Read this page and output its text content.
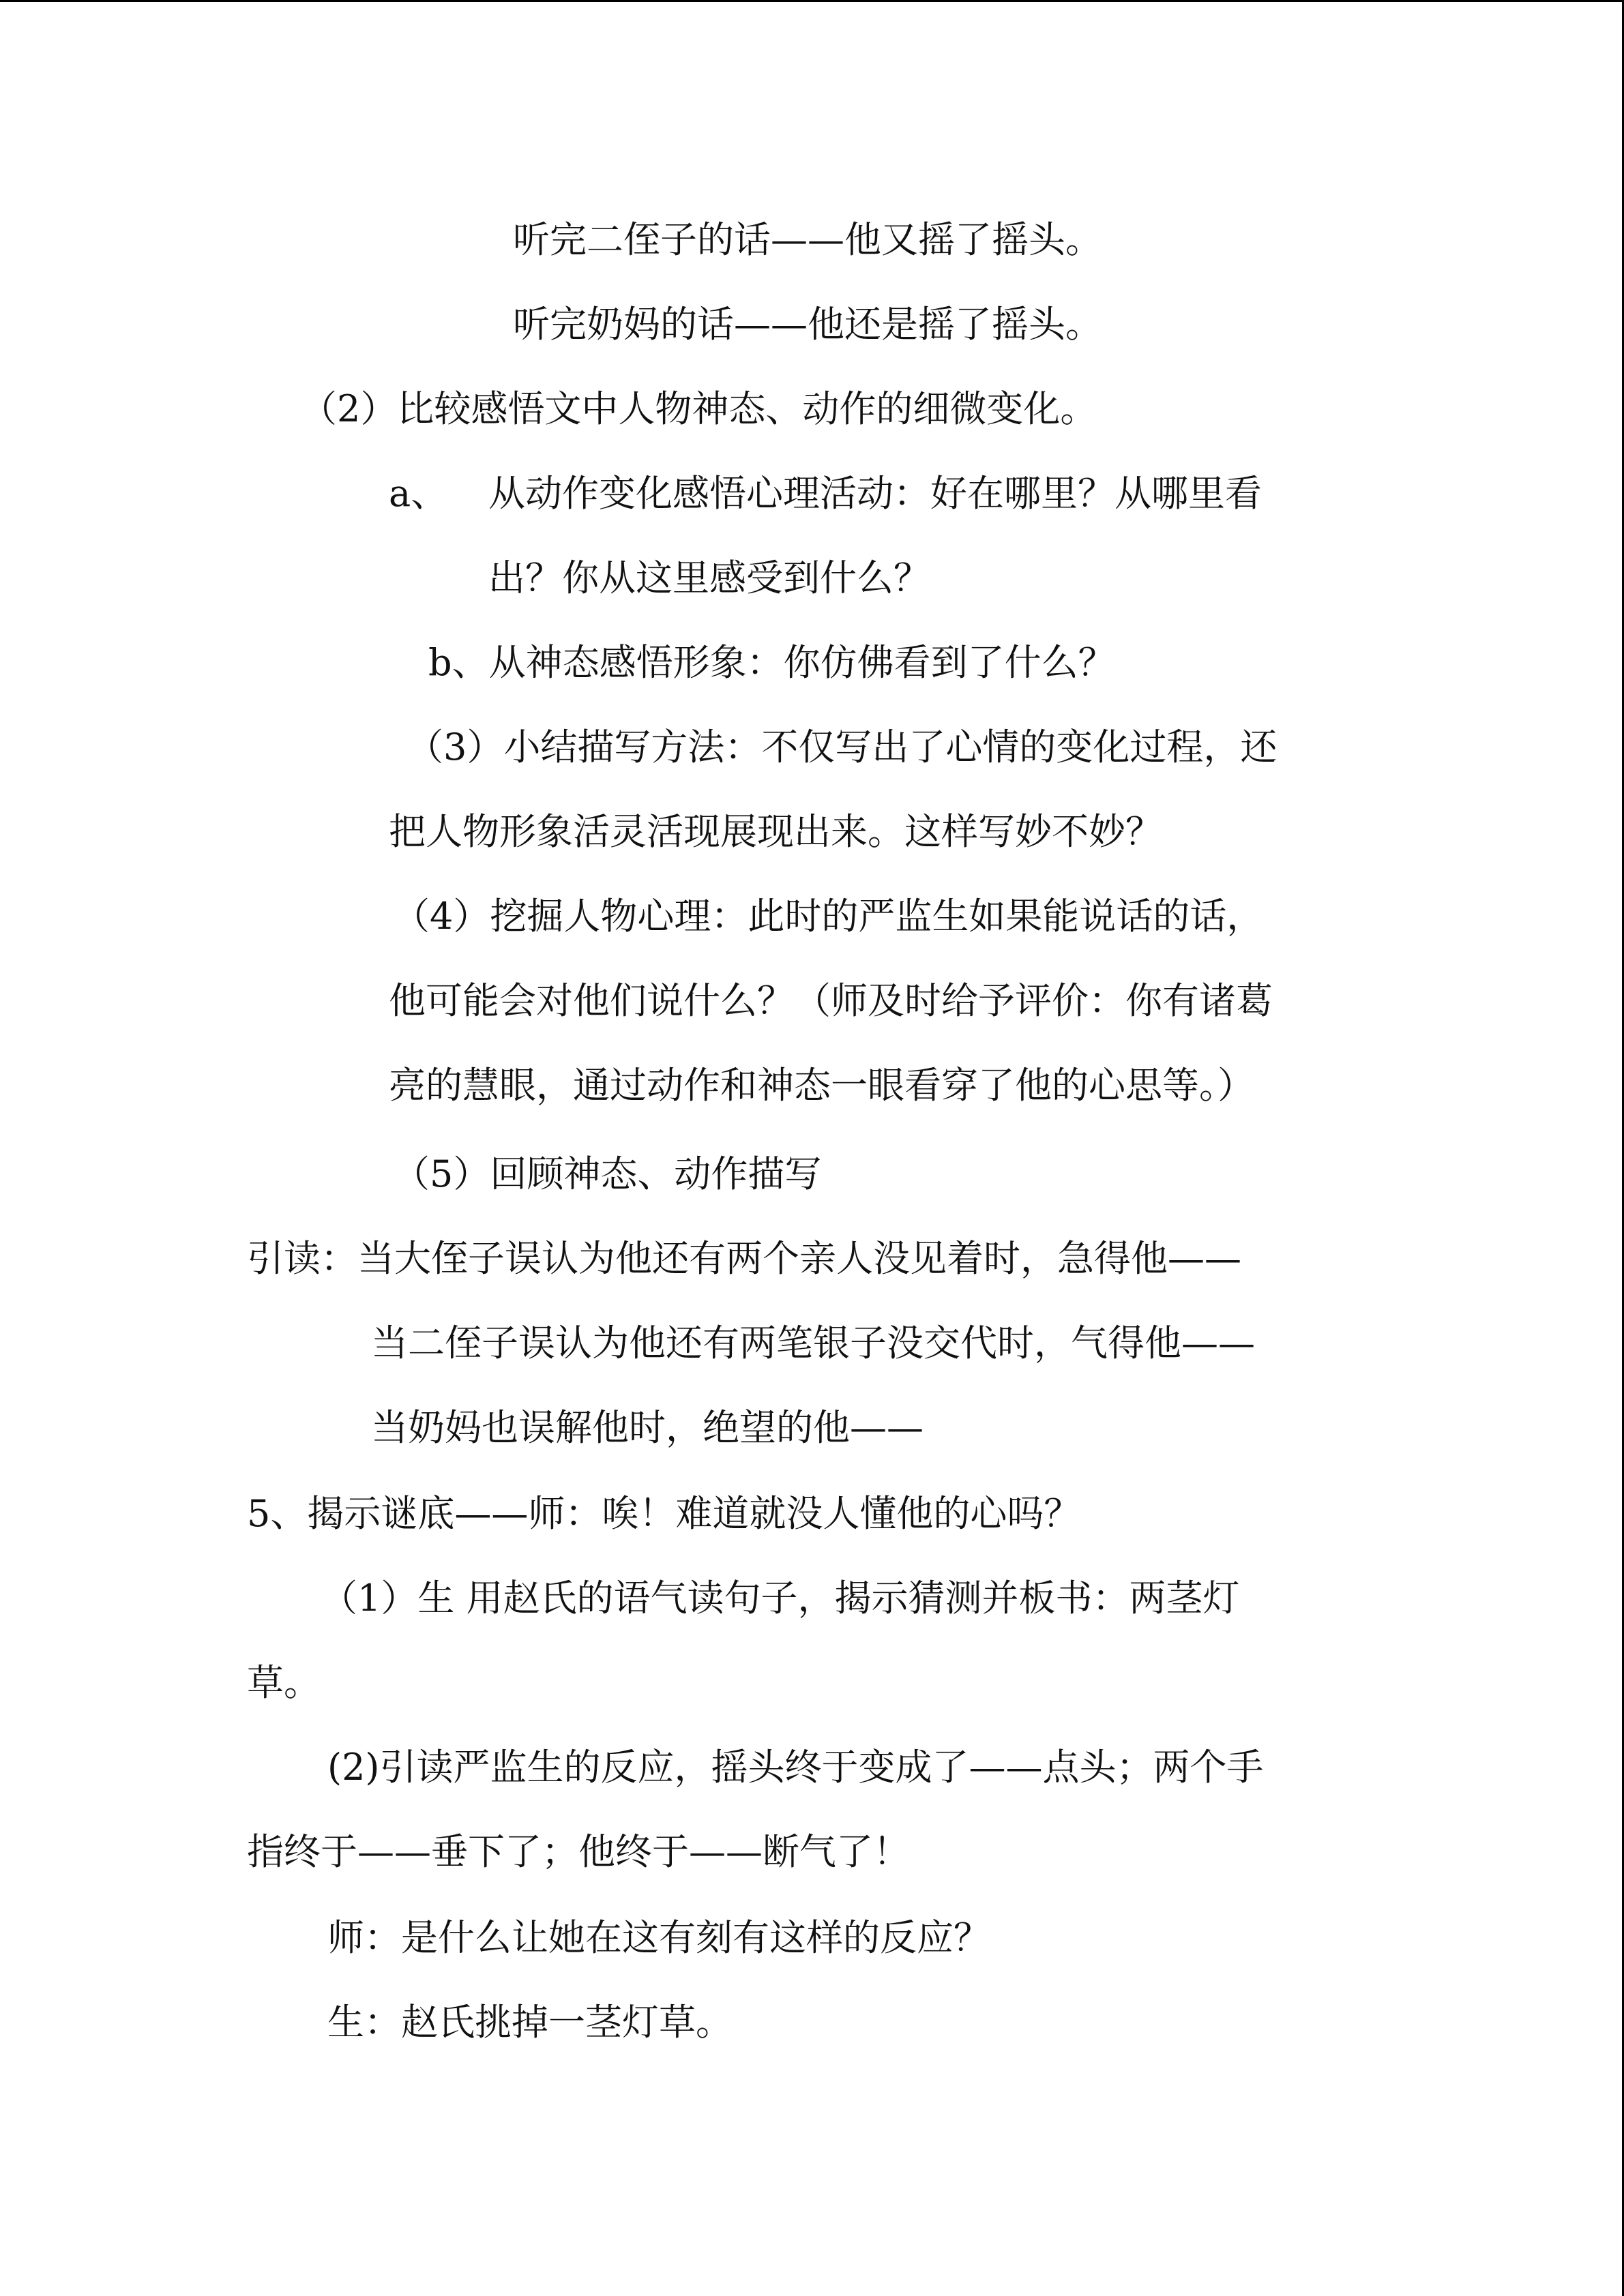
听完二侄子的话——他又摇了摇头。
听完奶妈的话——他还是摇了摇头。
（2）比较感悟文中人物神态、动作的细微变化。
a、 从动作变化感悟心理活动：好在哪里？从哪里看
出？你从这里感受到什么？
b、从神态感悟形象：你仿佛看到了什么？
（3）小结描写方法：不仅写出了心情的变化过程，还
把人物形象活灵活现展现出来。这样写妙不妙？
（4）挖掘人物心理：此时的严监生如果能说话的话，
他可能会对他们说什么？（师及时给予评价：你有诸葛
亮的慧眼，通过动作和神态一眼看穿了他的心思等。）
（5）回顾神态、动作描写
引读：当大侄子误认为他还有两个亲人没见着时，急得他——
当二侄子误认为他还有两笔银子没交代时，气得他——
当奶妈也误解他时，绝望的他——
5、揭示谜底——师：唉！难道就没人懂他的心吗？
（1）生 用赵氏的语气读句子，揭示猜测并板书：两茎灯
草。
(2)引读严监生的反应，摇头终于变成了——点头；两个手
指终于——垂下了；他终于——断气了！
师：是什么让她在这有刻有这样的反应？
生：赵氏挑掉一茎灯草。
